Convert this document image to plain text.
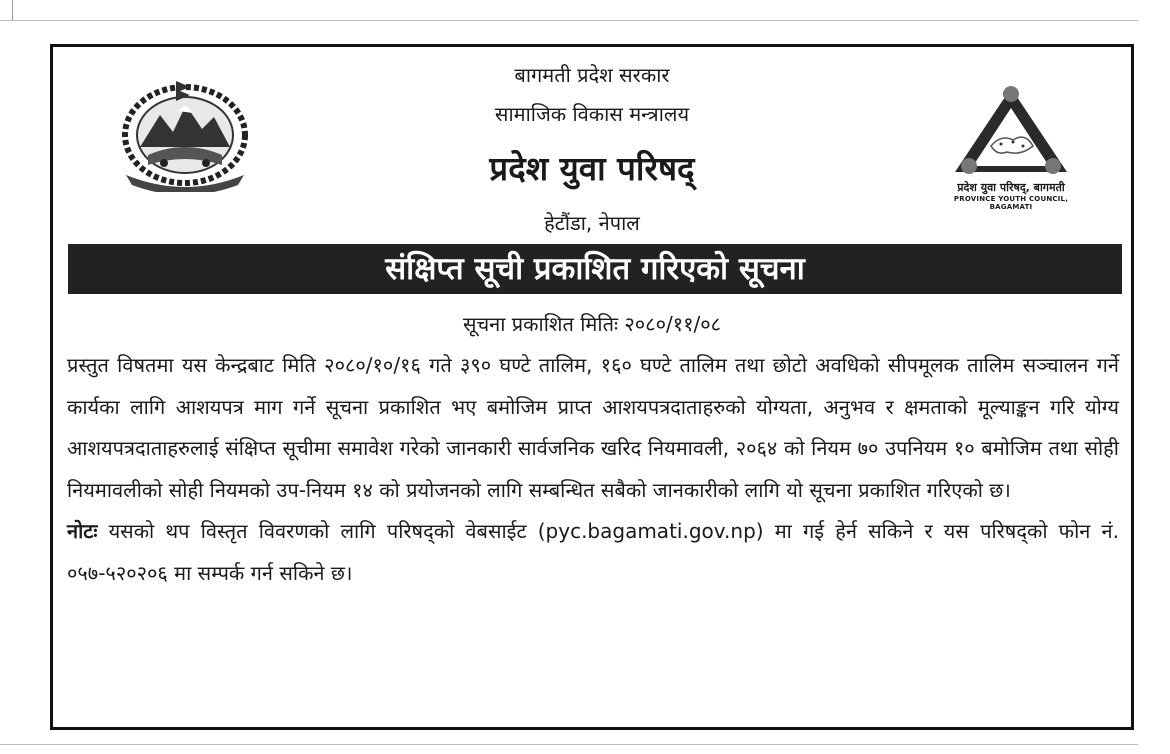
बागमती प्रदेश सरकार
सामाजिक विकास मन्त्रालय
प्रदेश युवा परिषद्
हेटौंडा, नेपाल
प्रदेश युवा परिषद्, बागमती
PROVINCE YOUTH COUNCIL, BAGAMATI
संक्षिप्त सूची प्रकाशित गरिएको सूचना
सूचना प्रकाशित मितिः २०८०/११/०८

प्रस्तुत विषतमा यस केन्द्रबाट मिति २०८०/१०/१६ गते ३९० घण्टे तालिम, १६० घण्टे तालिम तथा छोटो अवधिको सीपमूलक तालिम सञ्चालन गर्ने कार्यका लागि आशयपत्र माग गर्ने सूचना प्रकाशित भए बमोजिम प्राप्त आशयपत्रदाताहरुको योग्यता, अनुभव र क्षमताको मूल्याङ्कन गरि योग्य आशयपत्रदाताहरुलाई संक्षिप्त सूचीमा समावेश गरेको जानकारी सार्वजनिक खरिद नियमावली, २०६४ को नियम ७० उपनियम १० बमोजिम तथा सोही नियमावलीको सोही नियमको उप-नियम १४ को प्रयोजनको लागि सम्बन्धित सबैको जानकारीको लागि यो सूचना प्रकाशित गरिएको छ।

नोटः यसको थप विस्तृत विवरणको लागि परिषद्को वेबसाईट (pyc.bagamati.gov.np) मा गई हेर्न सकिने र यस परिषद्को फोन नं. ०५७-५२०२०६ मा सम्पर्क गर्न सकिने छ।
